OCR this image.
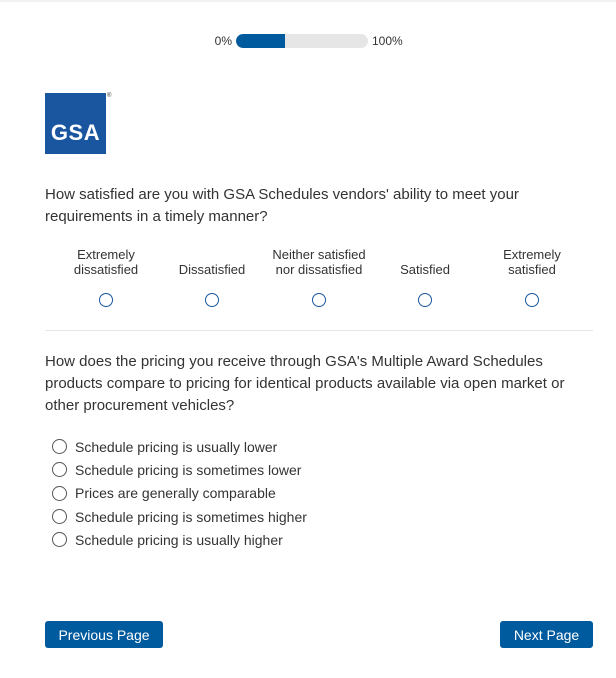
0%	100%
GSA
®
How satisfied are you with GSA Schedules vendors' ability to meet your requirements in a timely manner?
Extremely
dissatisfied	Dissatisfied
Neither satisfied
nor dissatisfied	Satisfied
Extremely
satisfied
How does the pricing you receive through GSA's Multiple Award Schedules products compare to pricing for identical products available via open market or other procurement vehicles?
Schedule pricing is usually lower
Schedule pricing is sometimes lower
Prices are generally comparable
Schedule pricing is sometimes higher
Schedule pricing is usually higher
Previous Page	Next Page
